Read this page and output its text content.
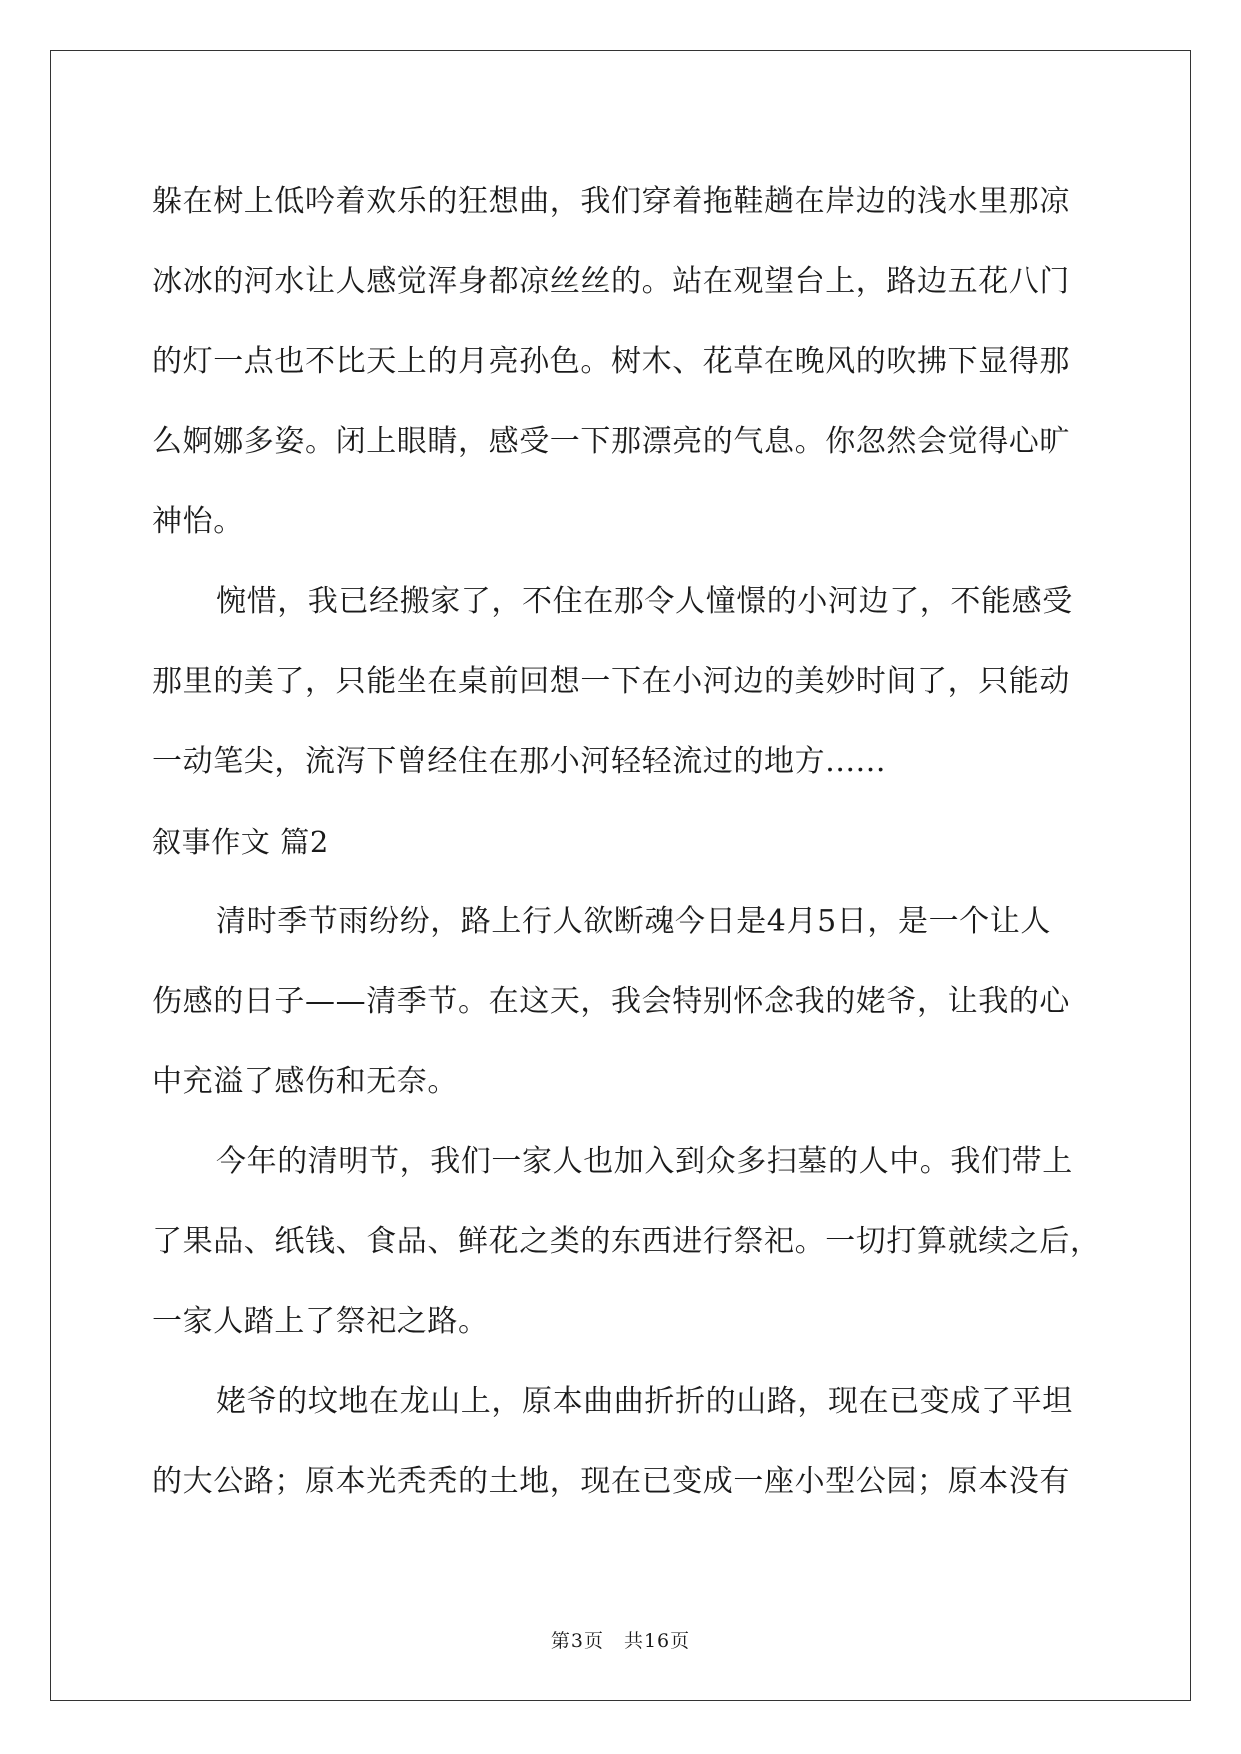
躲在树上低吟着欢乐的狂想曲，我们穿着拖鞋趟在岸边的浅水里那凉
冰冰的河水让人感觉浑身都凉丝丝的。站在观望台上，路边五花八门
的灯一点也不比天上的月亮孙色。树木、花草在晚风的吹拂下显得那
么婀娜多姿。闭上眼睛，感受一下那漂亮的气息。你忽然会觉得心旷
神怡。
惋惜，我已经搬家了，不住在那令人憧憬的小河边了，不能感受
那里的美了，只能坐在桌前回想一下在小河边的美妙时间了，只能动
一动笔尖，流泻下曾经住在那小河轻轻流过的地方......
叙事作文 篇2
清时季节雨纷纷，路上行人欲断魂今日是4月5日，是一个让人
伤感的日子——清季节。在这天，我会特别怀念我的姥爷，让我的心
中充溢了感伤和无奈。
今年的清明节，我们一家人也加入到众多扫墓的人中。我们带上
了果品、纸钱、食品、鲜花之类的东西进行祭祀。一切打算就续之后，
一家人踏上了祭祀之路。
姥爷的坟地在龙山上，原本曲曲折折的山路，现在已变成了平坦
的大公路；原本光秃秃的土地，现在已变成一座小型公园；原本没有
第3页 共16页
